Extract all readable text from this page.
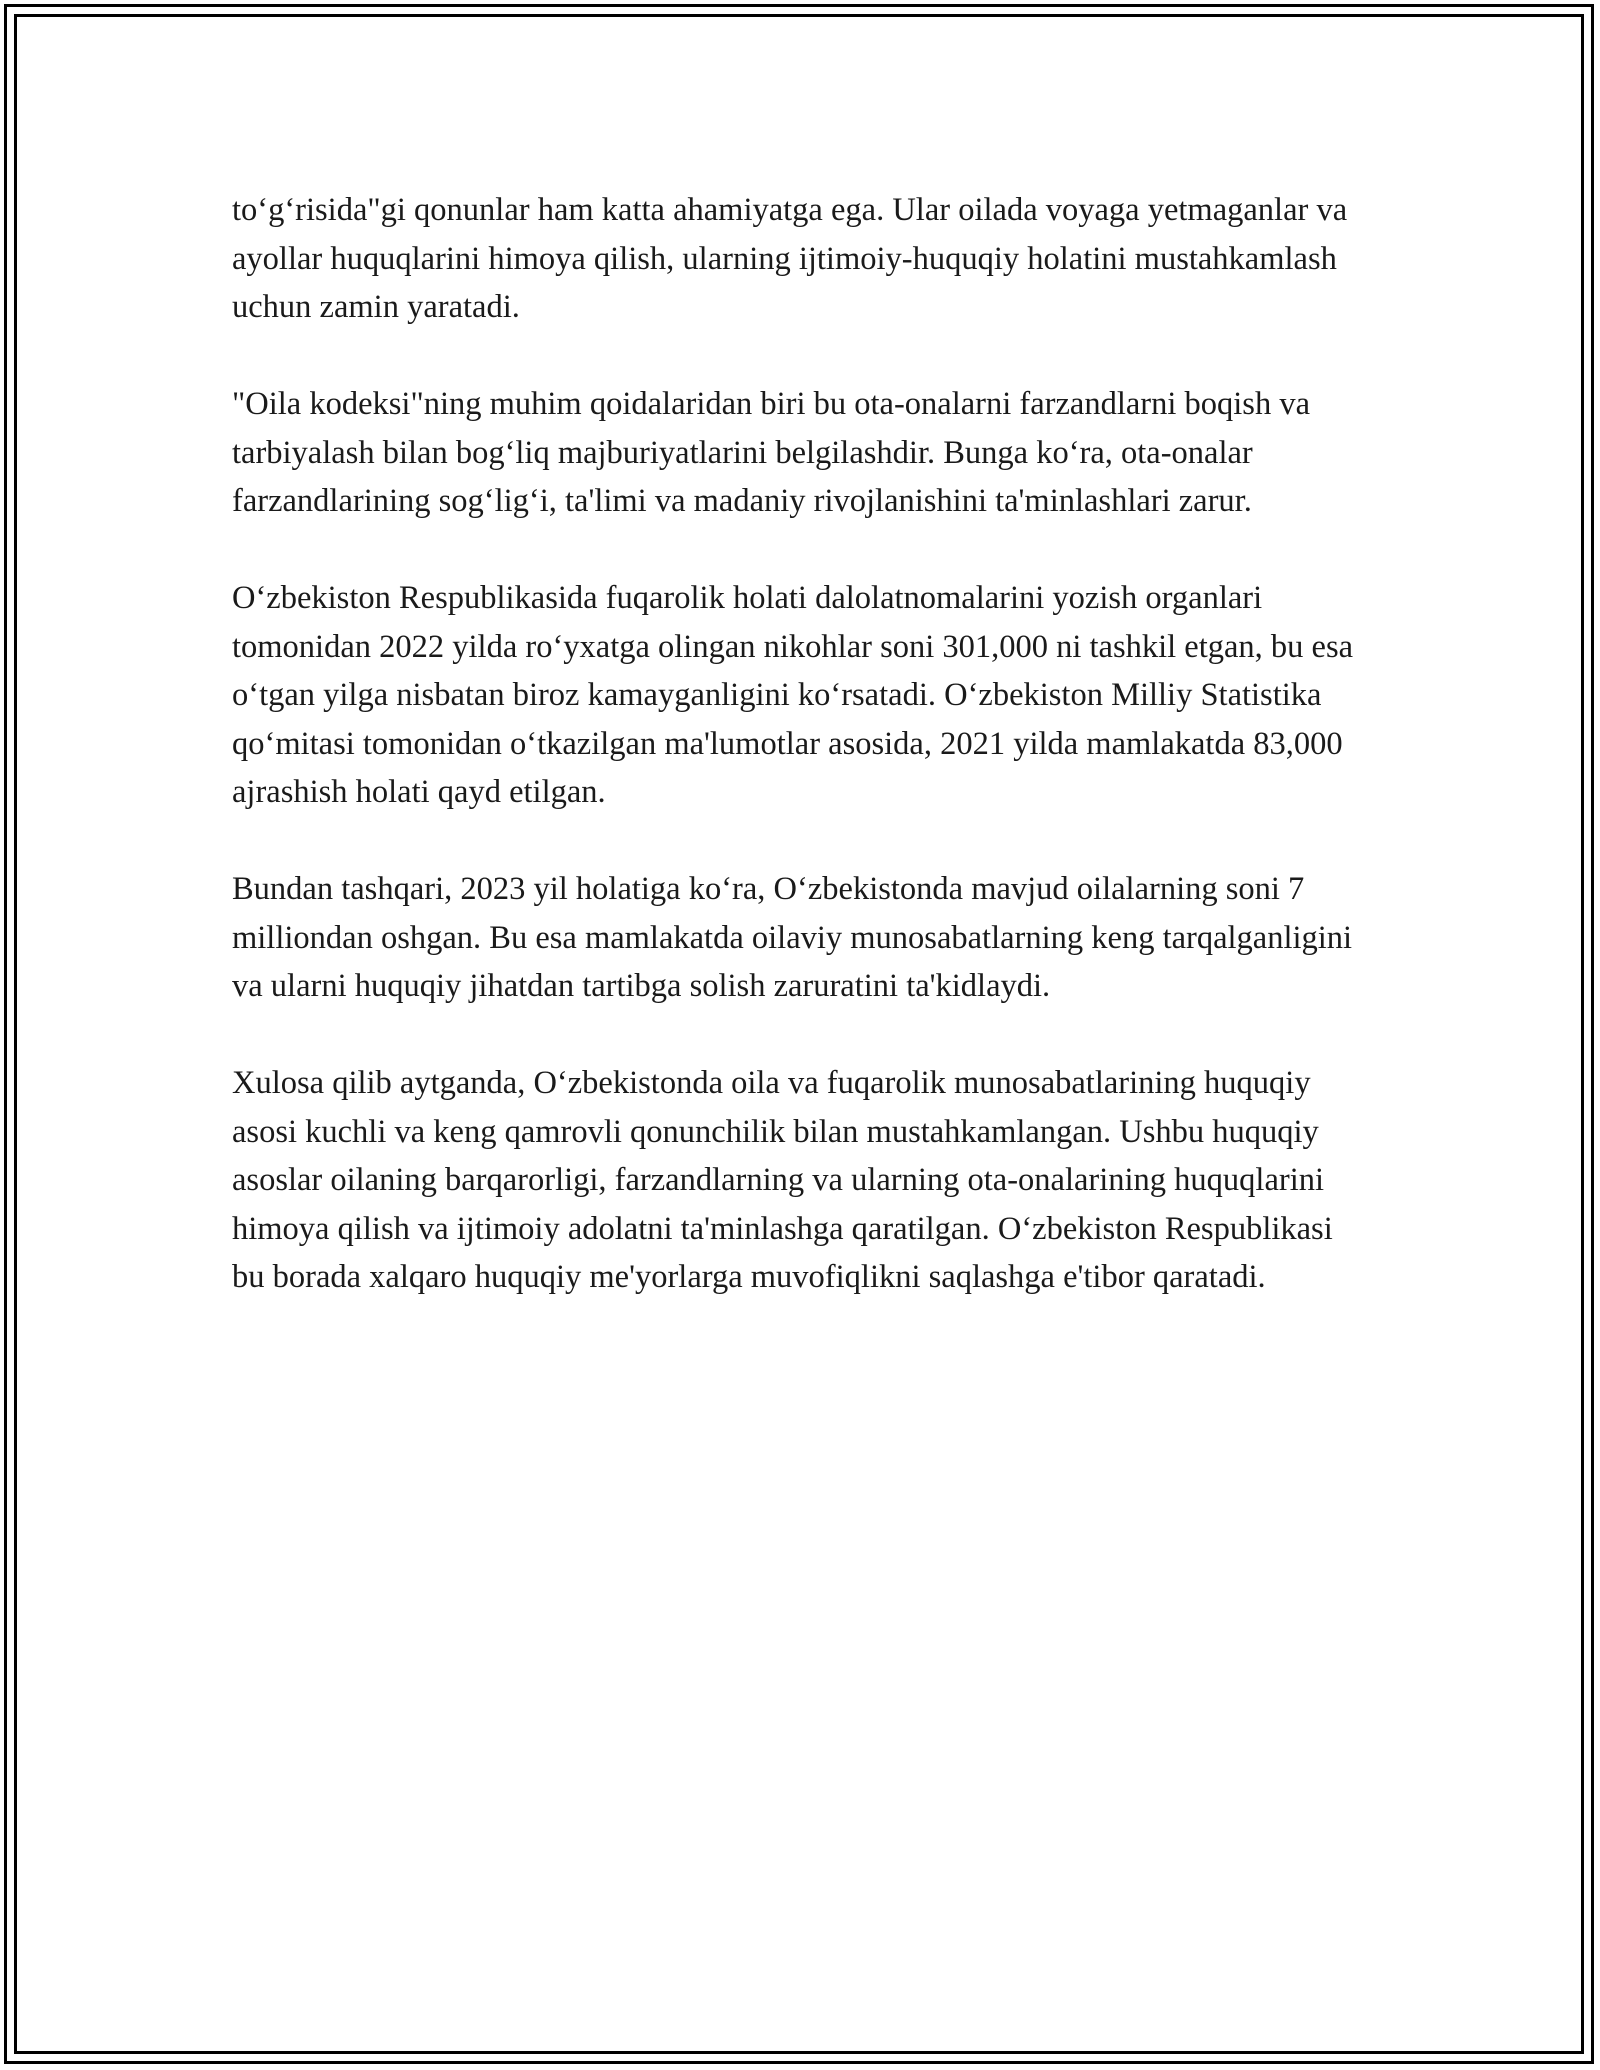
to‘g‘risida"gi qonunlar ham katta ahamiyatga ega. Ular oilada voyaga yetmaganlar va ayollar huquqlarini himoya qilish, ularning ijtimoiy-huquqiy holatini mustahkamlash uchun zamin yaratadi.

"Oila kodeksi"ning muhim qoidalaridan biri bu ota-onalarni farzandlarni boqish va tarbiyalash bilan bog‘liq majburiyatlarini belgilashdir. Bunga ko‘ra, ota-onalar farzandlarining sog‘lig‘i, ta'limi va madaniy rivojlanishini ta'minlashlari zarur.

O‘zbekiston Respublikasida fuqarolik holati dalolatnomalarini yozish organlari tomonidan 2022 yilda ro‘yxatga olingan nikohlar soni 301,000 ni tashkil etgan, bu esa o‘tgan yilga nisbatan biroz kamayganligini ko‘rsatadi. O‘zbekiston Milliy Statistika qo‘mitasi tomonidan o‘tkazilgan ma'lumotlar asosida, 2021 yilda mamlakatda 83,000 ajrashish holati qayd etilgan.

Bundan tashqari, 2023 yil holatiga ko‘ra, O‘zbekistonda mavjud oilalarning soni 7 milliondan oshgan. Bu esa mamlakatda oilaviy munosabatlarning keng tarqalganligini va ularni huquqiy jihatdan tartibga solish zaruratini ta'kidlaydi.

Xulosa qilib aytganda, O‘zbekistonda oila va fuqarolik munosabatlarining huquqiy asosi kuchli va keng qamrovli qonunchilik bilan mustahkamlangan. Ushbu huquqiy asoslar oilaning barqarorligi, farzandlarning va ularning ota-onalarining huquqlarini himoya qilish va ijtimoiy adolatni ta'minlashga qaratilgan. O‘zbekiston Respublikasi bu borada xalqaro huquqiy me'yorlarga muvofiqlikni saqlashga e'tibor qaratadi.
